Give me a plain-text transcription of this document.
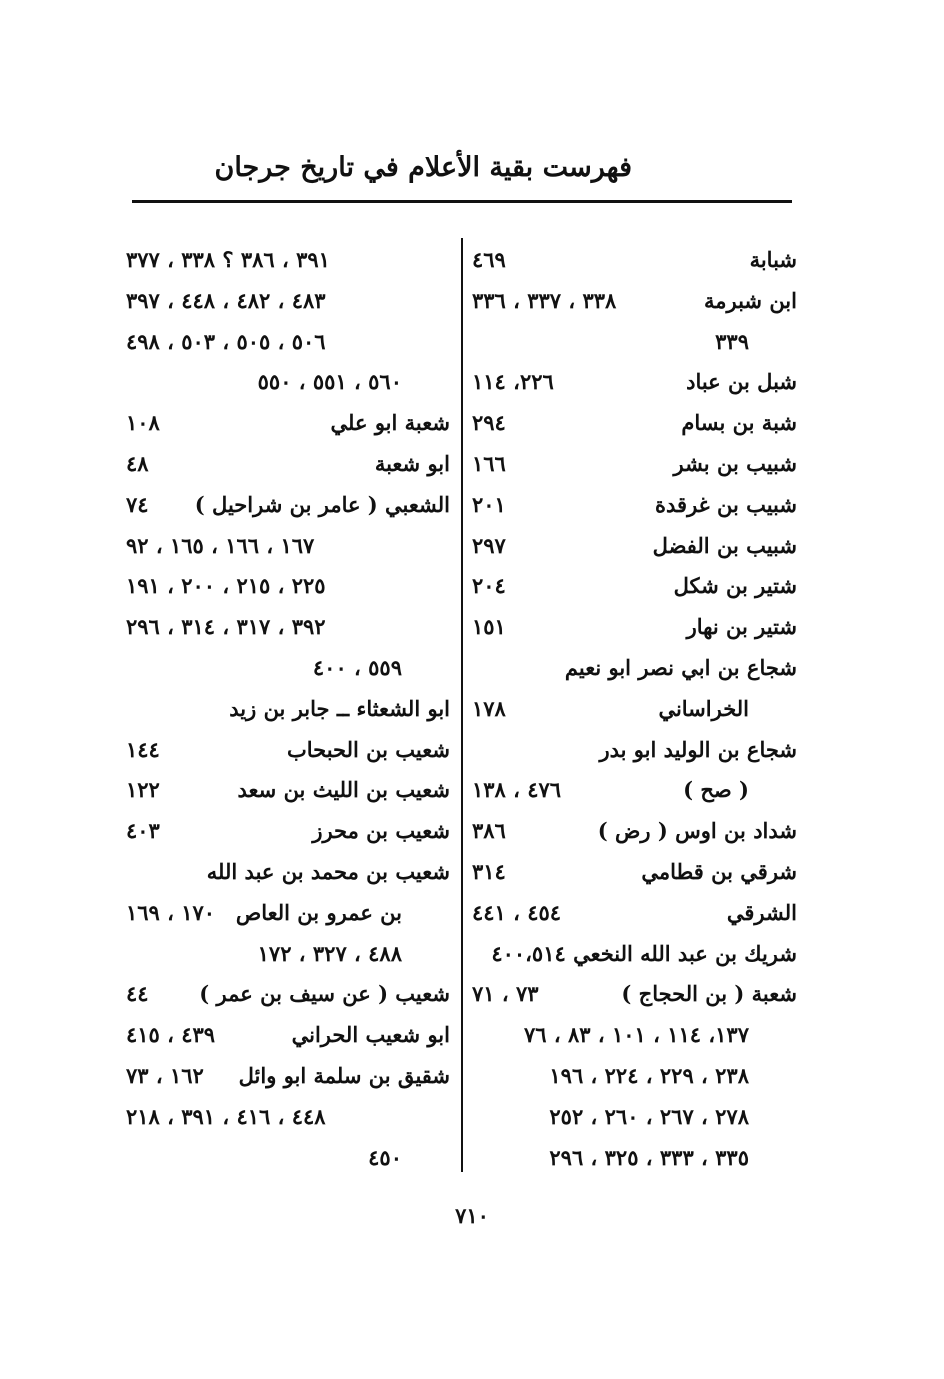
فهرست بقية الأعلام في تاريخ جرجان
شبابة
٤٦٩
ابن شبرمة
٣٣٨ ، ٣٣٧ ، ٣٣٦
٣٣٩
شبل بن عباد
٢٢٦، ١١٤
شبة بن بسام
٢٩٤
شبيب بن بشر
١٦٦
شبيب بن غرقدة
٢٠١
شبيب بن الفضل
٢٩٧
شتير بن شكل
٢٠٤
شتير بن نهار
١٥١
شجاع بن ابي نصر ابو نعيم
الخراساني
١٧٨
شجاع بن الوليد ابو بدر
( صح )
٤٧٦ ، ١٣٨
شداد بن اوس ( رض )
٣٨٦
شرقي بن قطامي
٣١٤
الشرقي
٤٥٤ ، ٤٤١
شريك بن عبد الله النخعي ٤٠٠،٥١٤
شعبة ( بن الحجاج )
٧٣ ، ٧١
١٣٧، ١١٤ ، ١٠١ ، ٨٣ ، ٧٦
٢٣٨ ، ٢٢٩ ، ٢٢٤ ، ١٩٦
٢٧٨ ، ٢٦٧ ، ٢٦٠ ، ٢٥٢
٣٣٥ ، ٣٣٣ ، ٣٢٥ ، ٢٩٦
٣٩١ ، ٣٨٦ ؟ ٣٣٨ ، ٣٧٧
٤٨٣ ، ٤٨٢ ، ٤٤٨ ، ٣٩٧
٥٠٦ ، ٥٠٥ ، ٥٠٣ ، ٤٩٨
٥٦٠ ، ٥٥١ ، ٥٥٠
شعبة ابو علي
١٠٨
ابو شعبة
٤٨
الشعبي ( عامر بن شراحيل )
٧٤
١٦٧ ، ١٦٦ ، ١٦٥ ، ٩٢
٢٢٥ ، ٢١٥ ، ٢٠٠ ، ١٩١
٣٩٢ ، ٣١٧ ، ٣١٤ ، ٢٩٦
٥٥٩ ، ٤٠٠
ابو الشعثاء ــ جابر بن زيد
شعيب بن الحبحاب
١٤٤
شعيب بن الليث بن سعد
١٢٢
شعيب بن محرز
٤٠٣
شعيب بن محمد بن عبد الله
بن عمرو بن العاص
١٧٠ ، ١٦٩
٤٨٨ ، ٣٢٧ ، ١٧٢
شعيب ( عن سيف بن عمر )
٤٤
ابو شعيب الحراني
٤٣٩ ، ٤١٥
شقيق بن سلمة ابو وائل
١٦٢ ، ٧٣
٤٤٨ ، ٤١٦ ، ٣٩١ ، ٢١٨
٤٥٠
٧١٠
